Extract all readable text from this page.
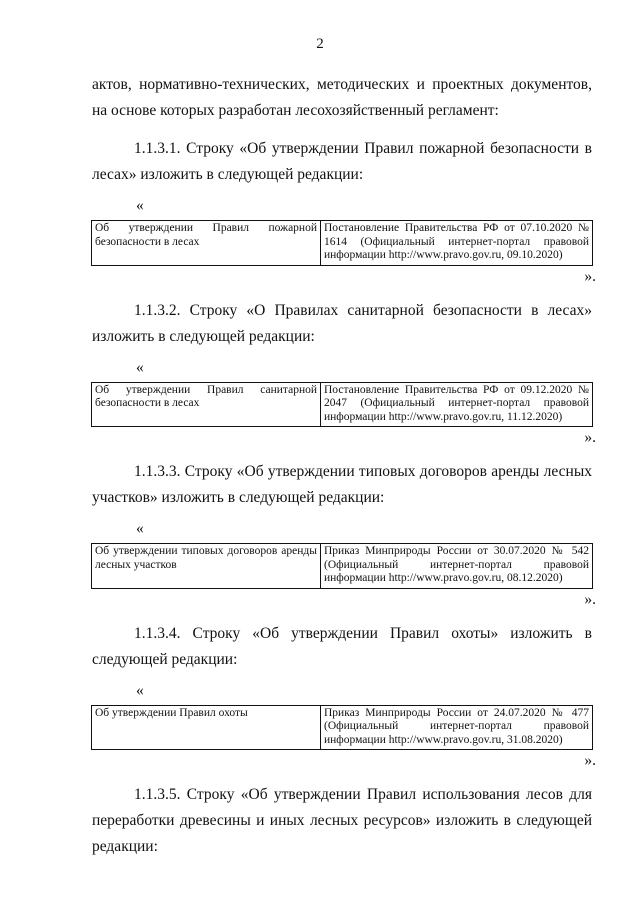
2

актов, нормативно-технических, методических и проектных документов, на основе которых разработан лесохозяйственный регламент:

1.1.3.1. Строку «Об утверждении Правил пожарной безопасности в лесах» изложить в следующей редакции:

«
Об утверждении Правил пожарной безопасности в лесах	Постановление Правительства РФ от 07.10.2020 № 1614 (Официальный интернет-портал правовой информации http://www.pravo.gov.ru, 09.10.2020)
».

1.1.3.2. Строку «О Правилах санитарной безопасности в лесах» изложить в следующей редакции:

«
Об утверждении Правил санитарной безопасности в лесах	Постановление Правительства РФ от 09.12.2020 № 2047 (Официальный интернет-портал правовой информации http://www.pravo.gov.ru, 11.12.2020)
».

1.1.3.3. Строку «Об утверждении типовых договоров аренды лесных участков» изложить в следующей редакции:

«
Об утверждении типовых договоров аренды лесных участков	Приказ Минприроды России от 30.07.2020 № 542 (Официальный интернет-портал правовой информации http://www.pravo.gov.ru, 08.12.2020)
».

1.1.3.4. Строку «Об утверждении Правил охоты» изложить в следующей редакции:

«
Об утверждении Правил охоты	Приказ Минприроды России от 24.07.2020 № 477 (Официальный интернет-портал правовой информации http://www.pravo.gov.ru, 31.08.2020)
».

1.1.3.5. Строку «Об утверждении Правил использования лесов для переработки древесины и иных лесных ресурсов» изложить в следующей редакции:
